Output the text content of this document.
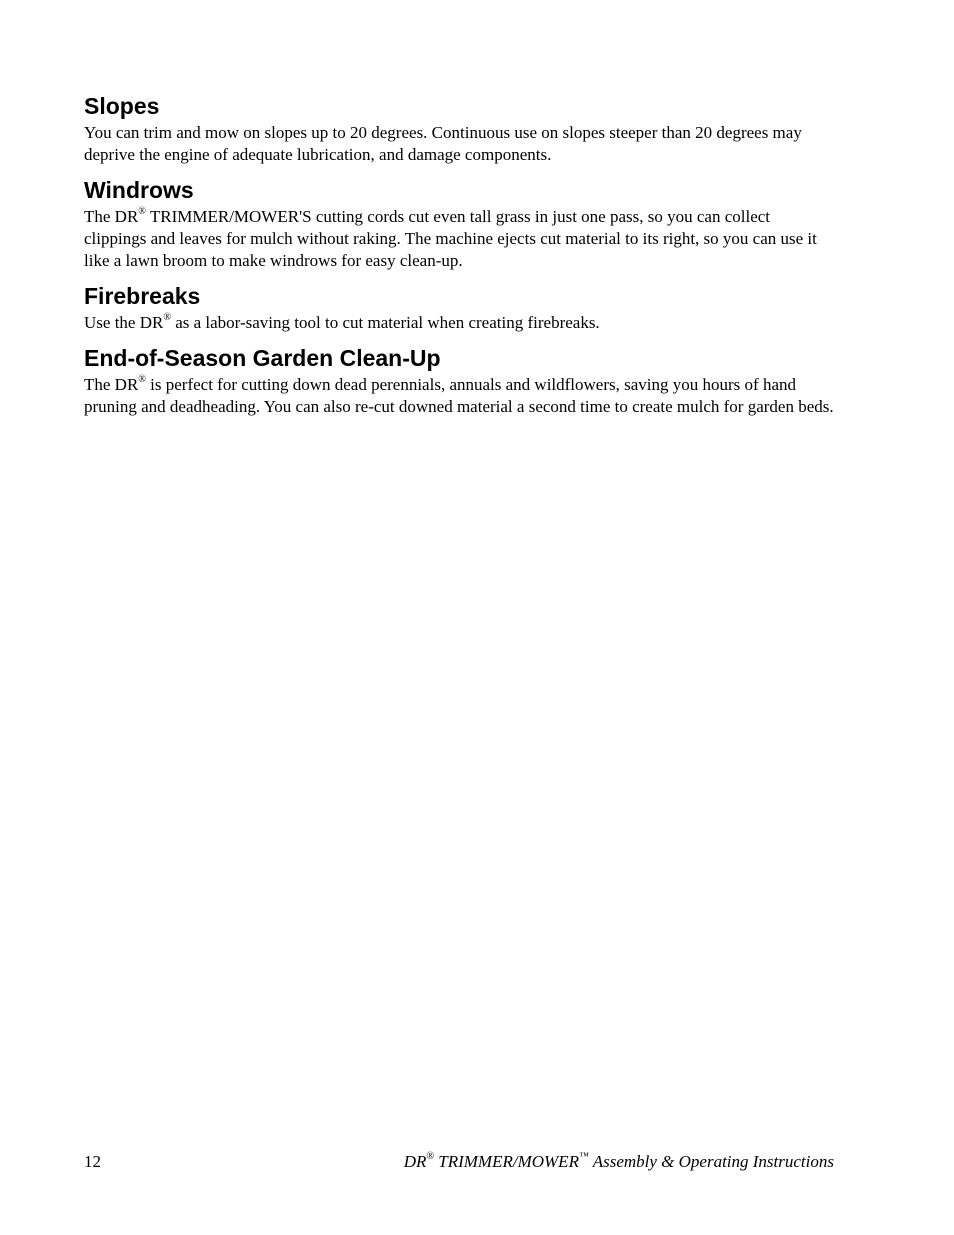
Slopes

You can trim and mow on slopes up to 20 degrees. Continuous use on slopes steeper than 20 degrees may deprive the engine of adequate lubrication, and damage components.

Windrows

The DR® TRIMMER/MOWER'S cutting cords cut even tall grass in just one pass, so you can collect clippings and leaves for mulch without raking. The machine ejects cut material to its right, so you can use it like a lawn broom to make windrows for easy clean-up.

Firebreaks

Use the DR® as a labor-saving tool to cut material when creating firebreaks.

End-of-Season Garden Clean-Up

The DR® is perfect for cutting down dead perennials, annuals and wildflowers, saving you hours of hand pruning and deadheading. You can also re-cut downed material a second time to create mulch for garden beds.

12	DR® TRIMMER/MOWER™ Assembly & Operating Instructions
